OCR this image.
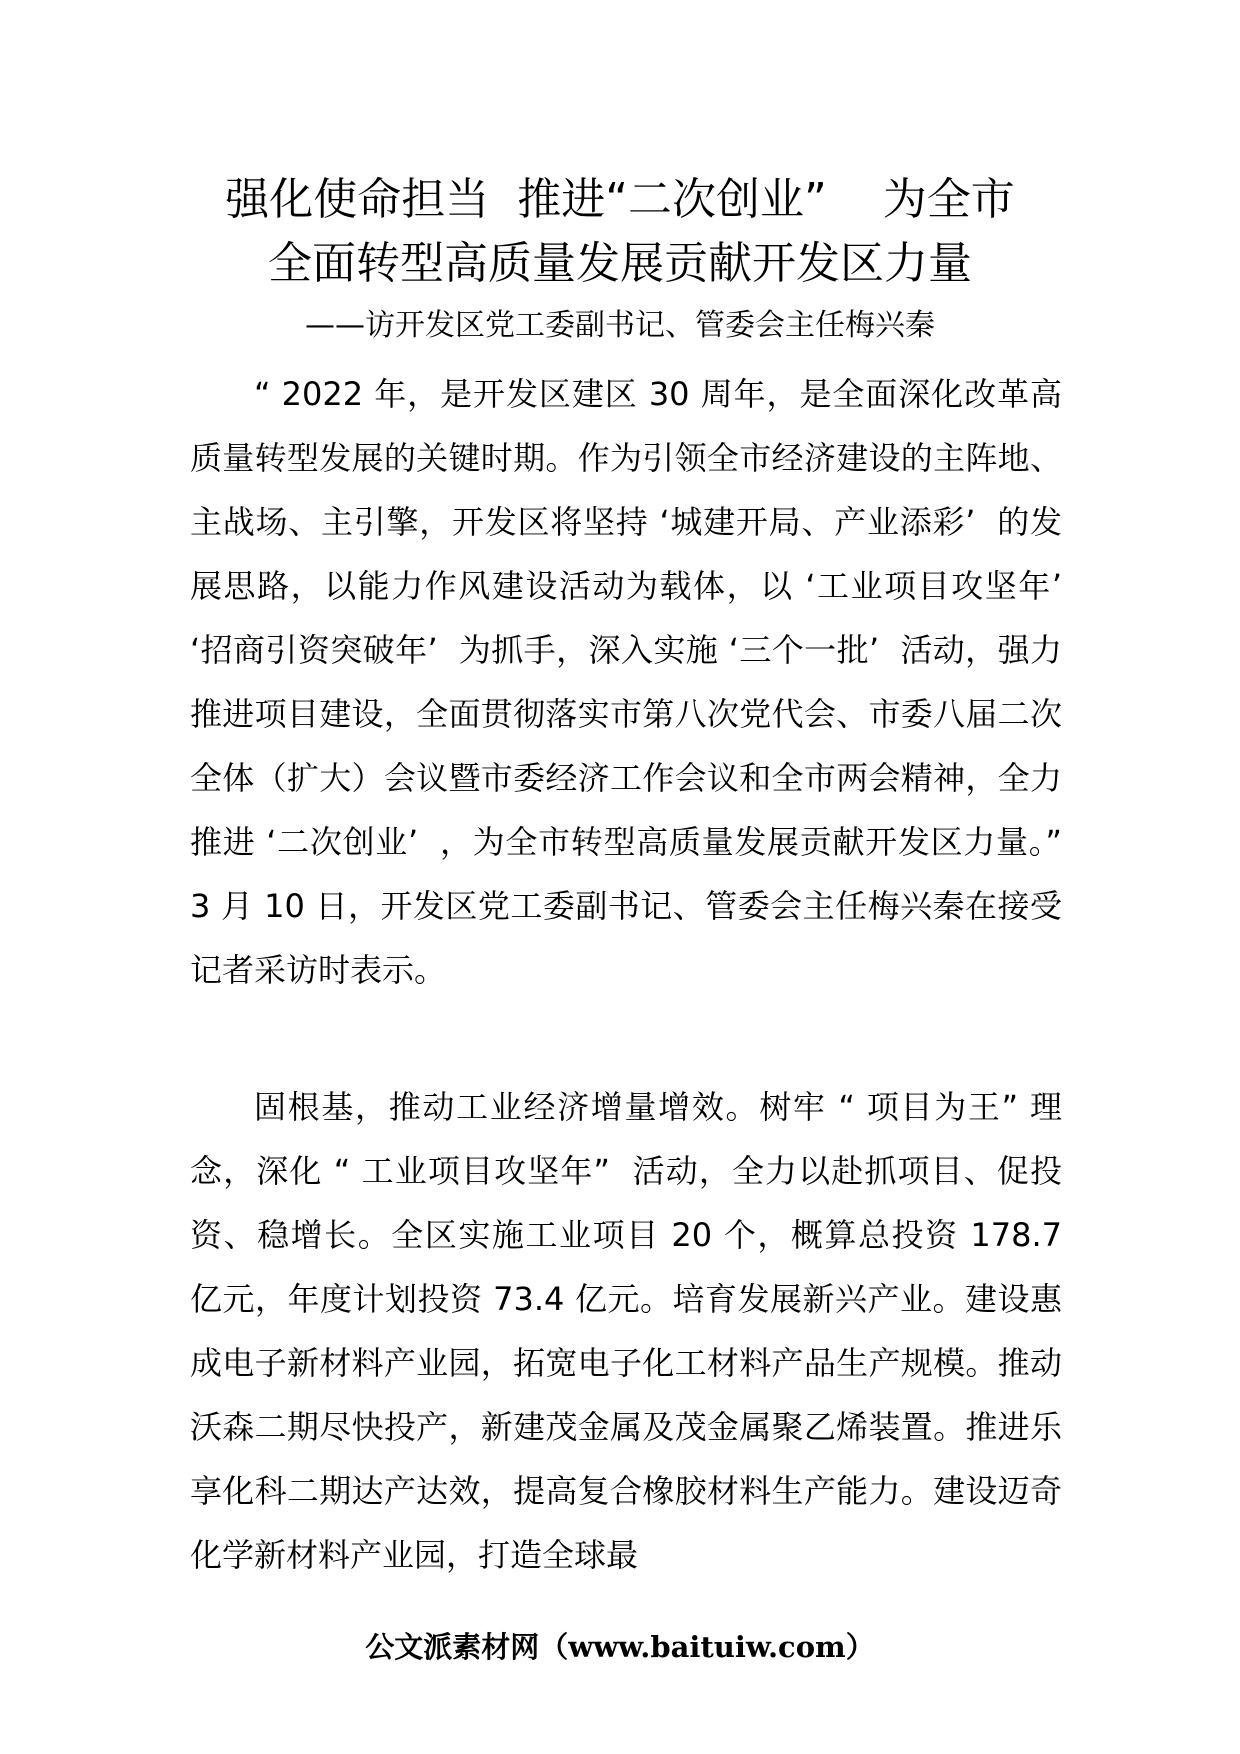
强化使命担当  推进“二次创业”    为全市
全面转型高质量发展贡献开发区力量
——访开发区党工委副书记、管委会主任梅兴秦

“ 2022 年，是开发区建区 30 周年，是全面深化改革高质量转型发展的关键时期。作为引领全市经济建设的主阵地、主战场、主引擎，开发区将坚持 ‘城建开局、产业添彩’  的发展思路，以能力作风建设活动为载体，以 ‘工业项目攻坚年’  ‘招商引资突破年’  为抓手，深入实施 ‘三个一批’  活动，强力推进项目建设，全面贯彻落实市第八次党代会、市委八届二次全体（扩大）会议暨市委经济工作会议和全市两会精神，全力推进 ‘二次创业’  ，为全市转型高质量发展贡献开发区力量。”  3 月 10 日，开发区党工委副书记、管委会主任梅兴秦在接受记者采访时表示。

固根基，推动工业经济增量增效。树牢 “ 项目为王” 理念，深化 “ 工业项目攻坚年”  活动，全力以赴抓项目、促投资、稳增长。全区实施工业项目 20 个，概算总投资 178.7 亿元，年度计划投资 73.4 亿元。培育发展新兴产业。建设惠成电子新材料产业园，拓宽电子化工材料产品生产规模。推动沃森二期尽快投产，新建茂金属及茂金属聚乙烯装置。推进乐享化科二期达产达效，提高复合橡胶材料生产能力。建设迈奇化学新材料产业园，打造全球最

公文派素材网（www.baituiw.com）
